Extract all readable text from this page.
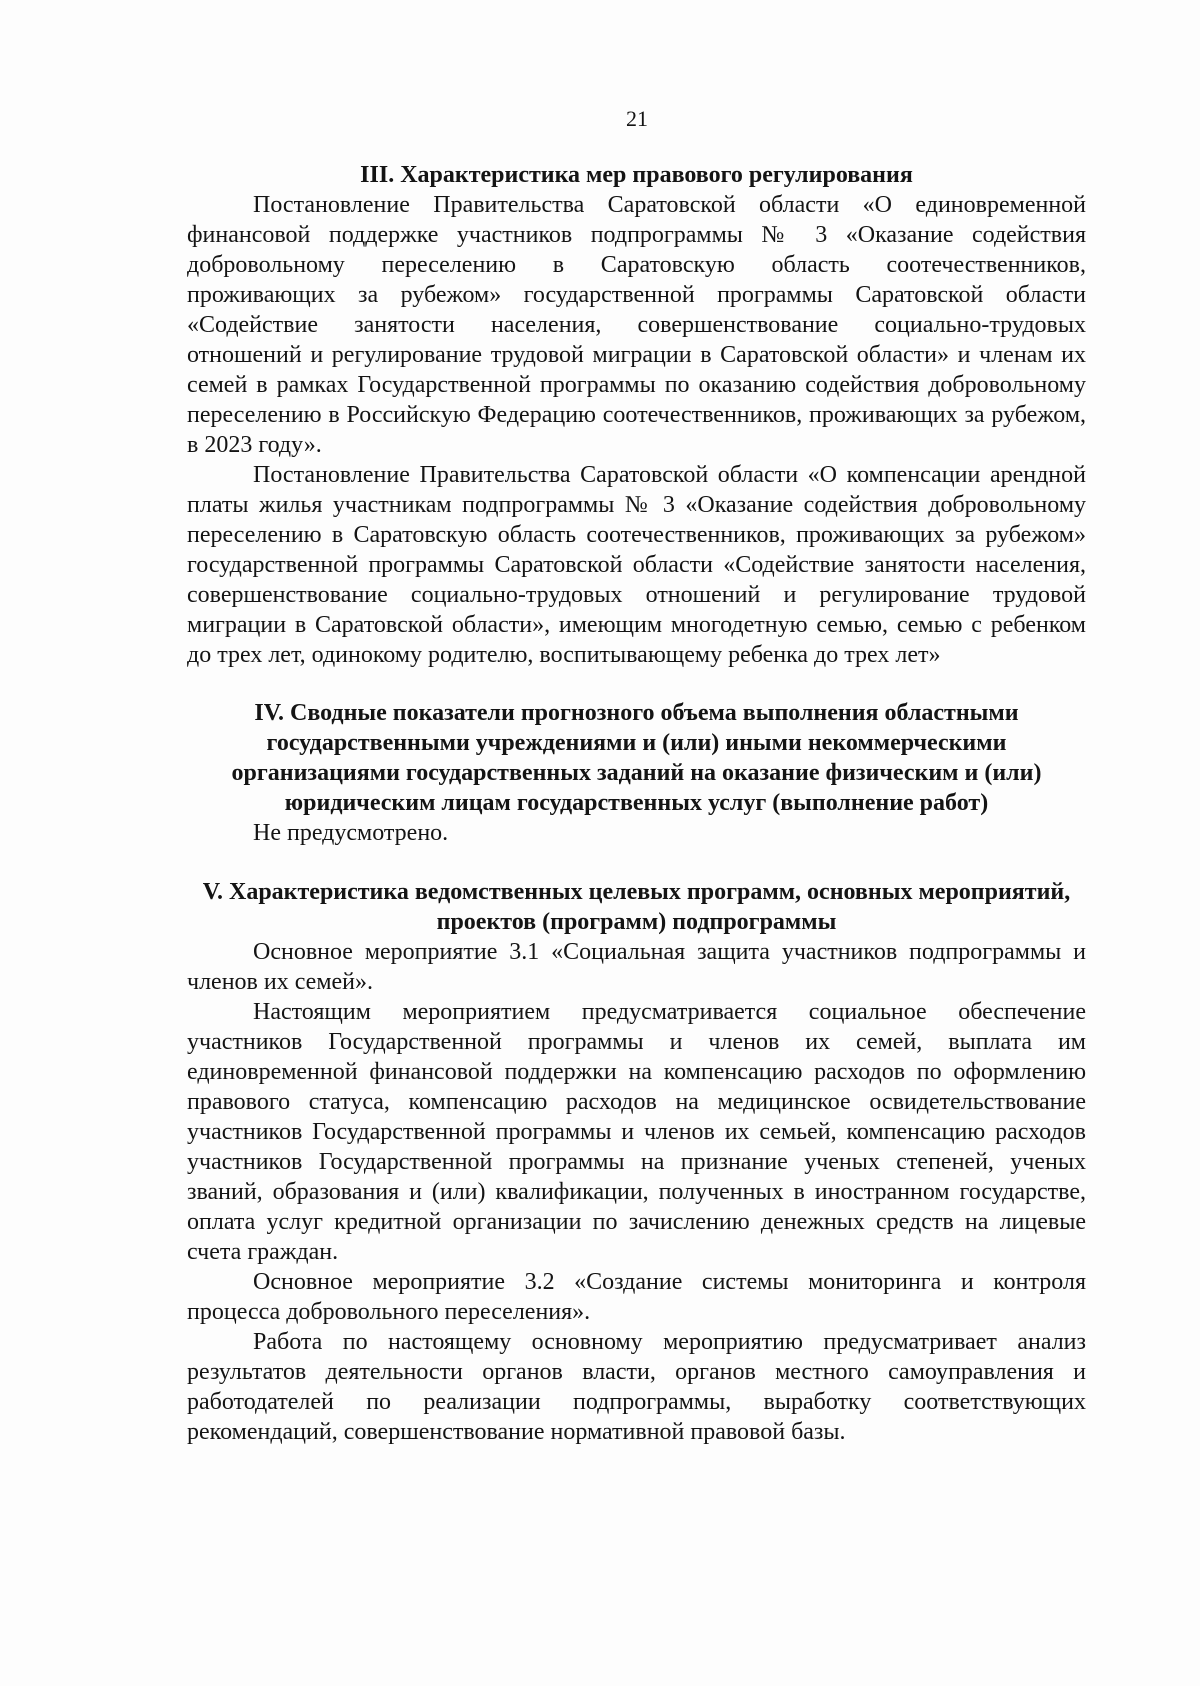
21
III. Характеристика мер правового регулирования

Постановление Правительства Саратовской области «О единовременной финансовой поддержке участников подпрограммы № 3 «Оказание содействия добровольному переселению в Саратовскую область соотечественников, проживающих за рубежом» государственной программы Саратовской области «Содействие занятости населения, совершенствование социально-трудовых отношений и регулирование трудовой миграции в Саратовской области» и членам их семей в рамках Государственной программы по оказанию содействия добровольному переселению в Российскую Федерацию соотечественников, проживающих за рубежом, в 2023 году».

Постановление Правительства Саратовской области «О компенсации арендной платы жилья участникам подпрограммы № 3 «Оказание содействия добровольному переселению в Саратовскую область соотечественников, проживающих за рубежом» государственной программы Саратовской области «Содействие занятости населения, совершенствование социально-трудовых отношений и регулирование трудовой миграции в Саратовской области», имеющим многодетную семью, семью с ребенком до трех лет, одинокому родителю, воспитывающему ребенка до трех лет»

IV. Сводные показатели прогнозного объема выполнения областными государственными учреждениями и (или) иными некоммерческими организациями государственных заданий на оказание физическим и (или) юридическим лицам государственных услуг (выполнение работ)

Не предусмотрено.

V. Характеристика ведомственных целевых программ, основных мероприятий, проектов (программ) подпрограммы

Основное мероприятие 3.1 «Социальная защита участников подпрограммы и членов их семей».

Настоящим мероприятием предусматривается социальное обеспечение участников Государственной программы и членов их семей, выплата им единовременной финансовой поддержки на компенсацию расходов по оформлению правового статуса, компенсацию расходов на медицинское освидетельствование участников Государственной программы и членов их семьей, компенсацию расходов участников Государственной программы на признание ученых степеней, ученых званий, образования и (или) квалификации, полученных в иностранном государстве, оплата услуг кредитной организации по зачислению денежных средств на лицевые счета граждан.

Основное мероприятие 3.2 «Создание системы мониторинга и контроля процесса добровольного переселения».

Работа по настоящему основному мероприятию предусматривает анализ результатов деятельности органов власти, органов местного самоуправления и работодателей по реализации подпрограммы, выработку соответствующих рекомендаций, совершенствование нормативной правовой базы.
